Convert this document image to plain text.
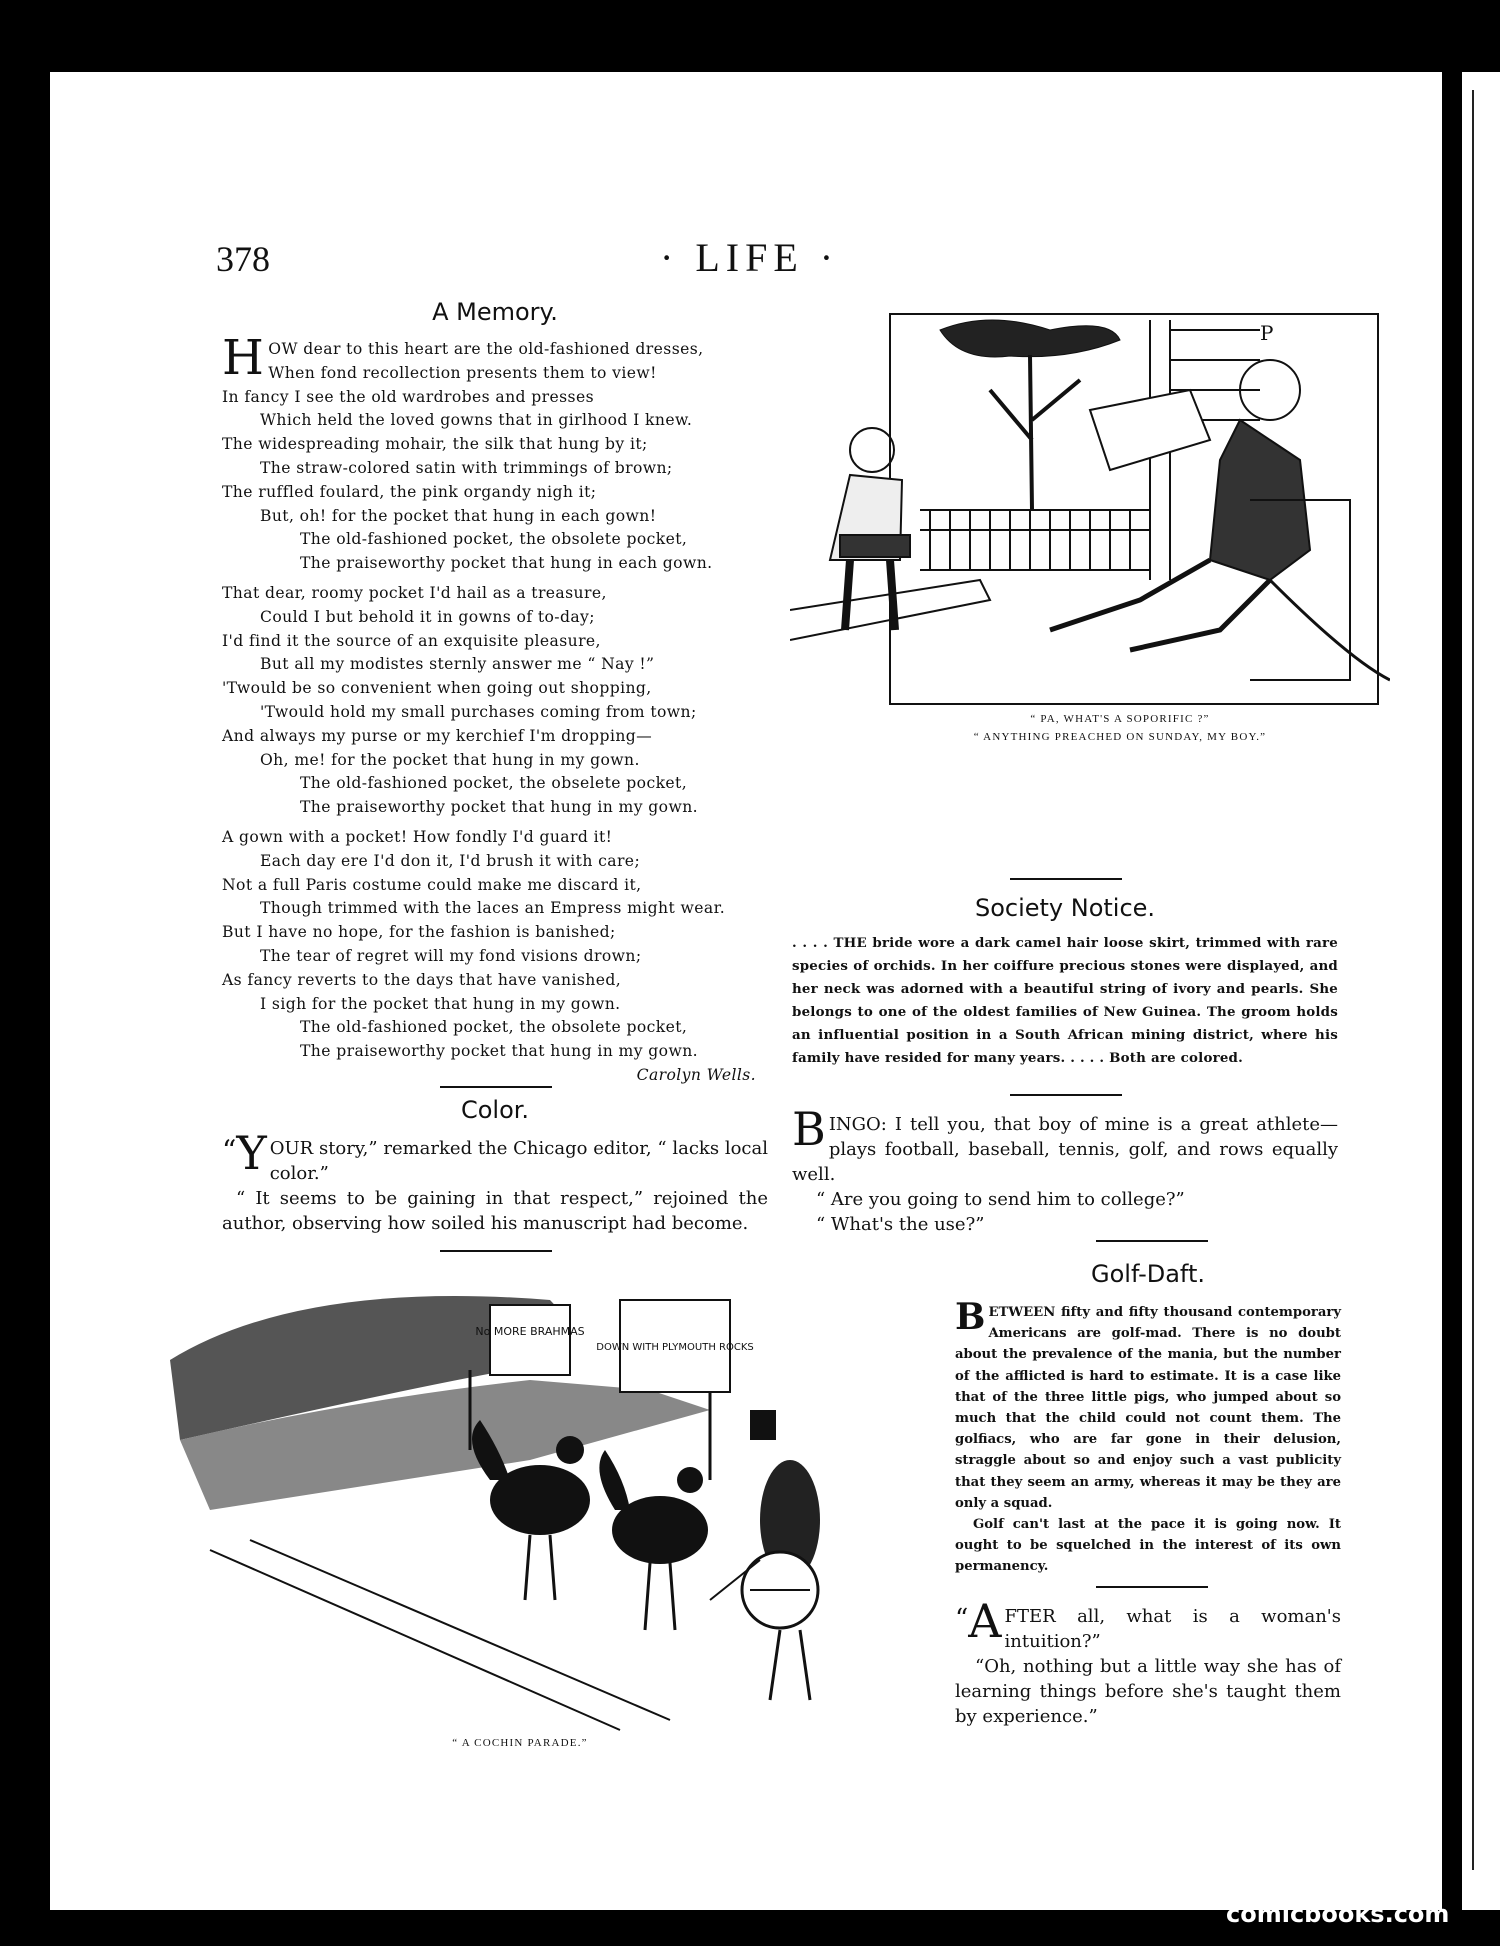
378	· LIFE ·
A Memory.
H OW dear to this heart are the old-fashioned dresses,
When fond recollection presents them to view!
In fancy I see the old wardrobes and presses
Which held the loved gowns that in girlhood I knew.
The widespreading mohair, the silk that hung by it;
The straw-colored satin with trimmings of brown;
The ruffled foulard, the pink organdy nigh it;
But, oh! for the pocket that hung in each gown!
The old-fashioned pocket, the obsolete pocket,
The praiseworthy pocket that hung in each gown.
That dear, roomy pocket I'd hail as a treasure,
Could I but behold it in gowns of to-day;
I'd find it the source of an exquisite pleasure,
But all my modistes sternly answer me “ Nay !”
'Twould be so convenient when going out shopping,
'Twould hold my small purchases coming from town;
And always my purse or my kerchief I'm dropping—
Oh, me! for the pocket that hung in my gown.
The old-fashioned pocket, the obselete pocket,
The praiseworthy pocket that hung in my gown.
A gown with a pocket! How fondly I'd guard it!
Each day ere I'd don it, I'd brush it with care;
Not a full Paris costume could make me discard it,
Though trimmed with the laces an Empress might wear.
But I have no hope, for the fashion is banished;
The tear of regret will my fond visions drown;
As fancy reverts to the days that have vanished,
I sigh for the pocket that hung in my gown.
The old-fashioned pocket, the obsolete pocket,
The praiseworthy pocket that hung in my gown.
Carolyn Wells.
Color.
“ Y OUR story,” remarked the Chicago editor, “ lacks local color.”
“ It seems to be gaining in that respect,” rejoined the author, observing how soiled his manuscript had become.
P
“ PA, WHAT'S A SOPORIFIC ?”
“ ANYTHING PREACHED ON SUNDAY, MY BOY.”
Society Notice.
. . . . THE bride wore a dark camel hair loose skirt, trimmed with rare species of orchids. In her coiffure precious stones were displayed, and her neck was adorned with a beautiful string of ivory and pearls. She belongs to one of the oldest families of New Guinea. The groom holds an influential position in a South African mining district, where his family have resided for many years. . . . . Both are colored.
B INGO: I tell you, that boy of mine is a great athlete—plays football, baseball, tennis, golf, and rows equally well.
“ Are you going to send him to college?”
“ What's the use?”
Golf-Daft.
B ETWEEN fifty and fifty thousand contemporary Americans are golf-mad. There is no doubt about the prevalence of the mania, but the number of the afflicted is hard to estimate. It is a case like that of the three little pigs, who jumped about so much that the child could not count them. The golfiacs, who are far gone in their delusion, straggle about so and enjoy such a vast publicity that they seem an army, whereas it may be they are only a squad.
Golf can't last at the pace it is going now. It ought to be squelched in the interest of its own permanency.
“ A FTER all, what is a woman's intuition?”
“Oh, nothing but a little way she has of learning things before she's taught them by experience.”
No MORE BRAHMAS
DOWN WITH PLYMOUTH ROCKS
“ A COCHIN PARADE.”
comicbooks.com
